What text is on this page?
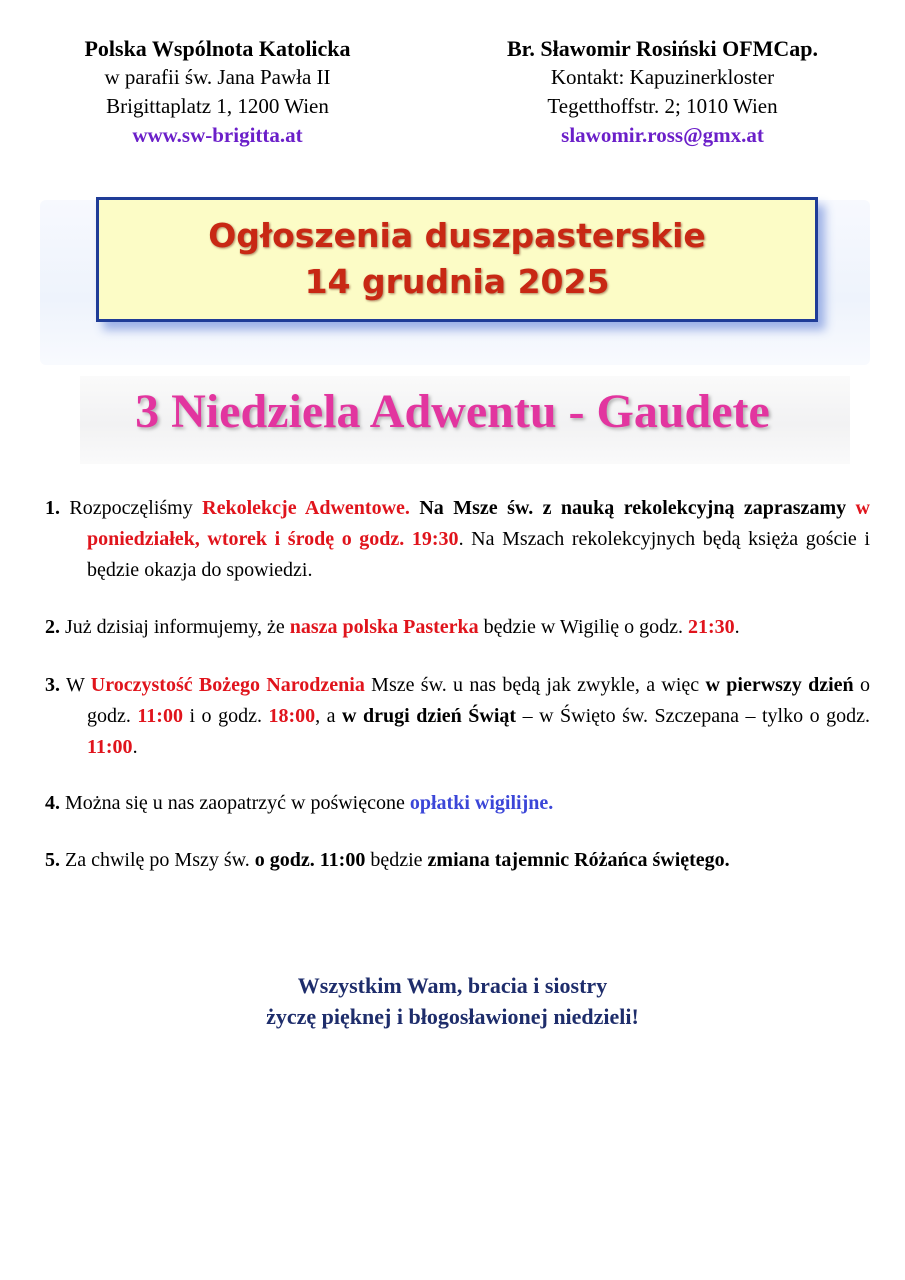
Polska Wspólnota Katolicka
w parafii św. Jana Pawła II
Brigittaplatz 1, 1200 Wien
www.sw-brigitta.at
Br. Sławomir Rosiński OFMCap.
Kontakt: Kapuzinerkloster
Tegetthoffstr. 2; 1010 Wien
slawomir.ross@gmx.at
Ogłoszenia duszpasterskie
14 grudnia 2025
3 Niedziela Adwentu - Gaudete
1. Rozpoczęliśmy Rekolekcje Adwentowe. Na Msze św. z nauką rekolekcyjną zapraszamy w poniedziałek, wtorek i środę o godz. 19:30. Na Mszach rekolekcyjnych będą księża goście i będzie okazja do spowiedzi.
2. Już dzisiaj informujemy, że nasza polska Pasterka będzie w Wigilię o godz. 21:30.
3. W Uroczystość Bożego Narodzenia Msze św. u nas będą jak zwykle, a więc w pierwszy dzień o godz. 11:00 i o godz. 18:00, a w drugi dzień Świąt – w Święto św. Szczepana – tylko o godz. 11:00.
4. Można się u nas zaopatrzyć w poświęcone opłatki wigilijne.
5. Za chwilę po Mszy św. o godz. 11:00 będzie zmiana tajemnic Różańca świętego.
Wszystkim Wam, bracia i siostry
życzę pięknej i błogosławionej niedzieli!
